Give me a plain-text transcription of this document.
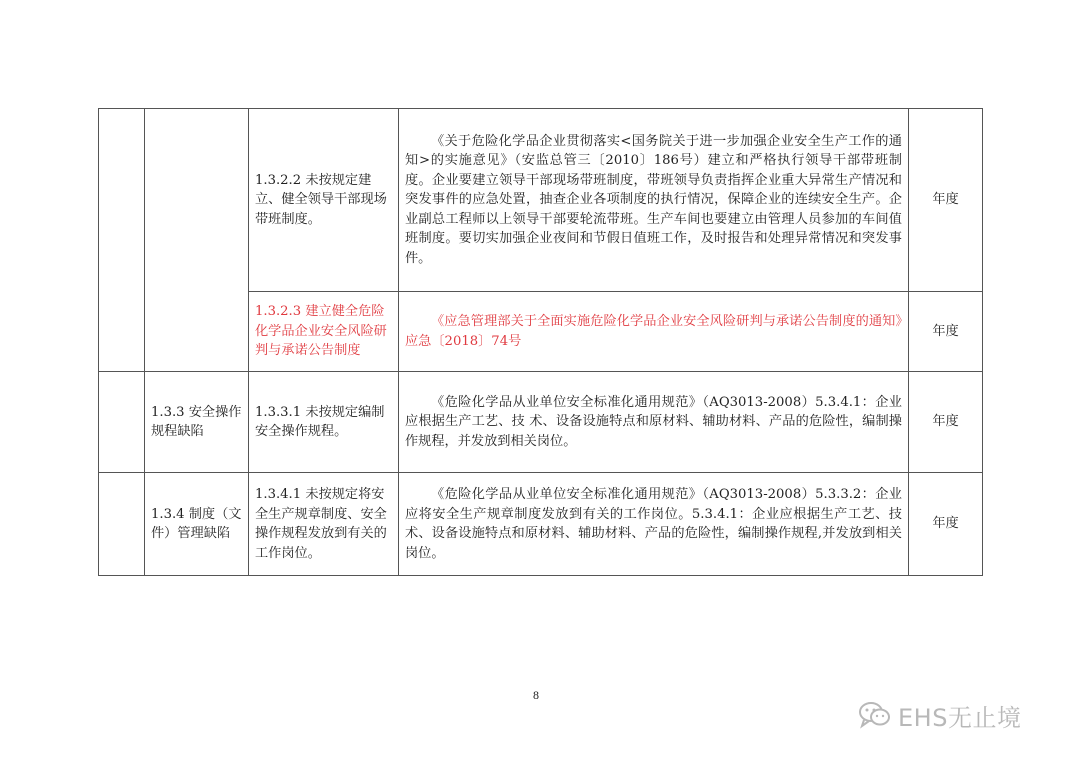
		1.3.2.2 未按规定建立、健全领导干部现场带班制度。	《关于危险化学品企业贯彻落实<国务院关于进一步加强企业安全生产工作的通知>的实施意见》（安监总管三〔2010〕186号）建立和严格执行领导干部带班制度。企业要建立领导干部现场带班制度，带班领导负责指挥企业重大异常生产情况和突发事件的应急处置，抽查企业各项制度的执行情况，保障企业的连续安全生产。企业副总工程师以上领导干部要轮流带班。生产车间也要建立由管理人员参加的车间值班制度。要切实加强企业夜间和节假日值班工作，及时报告和处理异常情况和突发事件。	年度
		1.3.2.3 建立健全危险化学品企业安全风险研判与承诺公告制度	《应急管理部关于全面实施危险化学品企业安全风险研判与承诺公告制度的通知》应急〔2018〕74号	年度
	1.3.3 安全操作规程缺陷	1.3.3.1 未按规定编制安全操作规程。	《危险化学品从业单位安全标准化通用规范》（AQ3013-2008）5.3.4.1：企业应根据生产工艺、技 术、设备设施特点和原材料、辅助材料、产品的危险性，编制操作规程，并发放到相关岗位。	年度
	1.3.4 制度（文件）管理缺陷	1.3.4.1 未按规定将安全生产规章制度、安全操作规程发放到有关的工作岗位。	《危险化学品从业单位安全标准化通用规范》（AQ3013-2008）5.3.3.2：企业应将安全生产规章制度发放到有关的工作岗位。5.3.4.1：企业应根据生产工艺、技 术、设备设施特点和原材料、辅助材料、产品的危险性，编制操作规程,并发放到相关岗位。	年度
8
EHS无止境
